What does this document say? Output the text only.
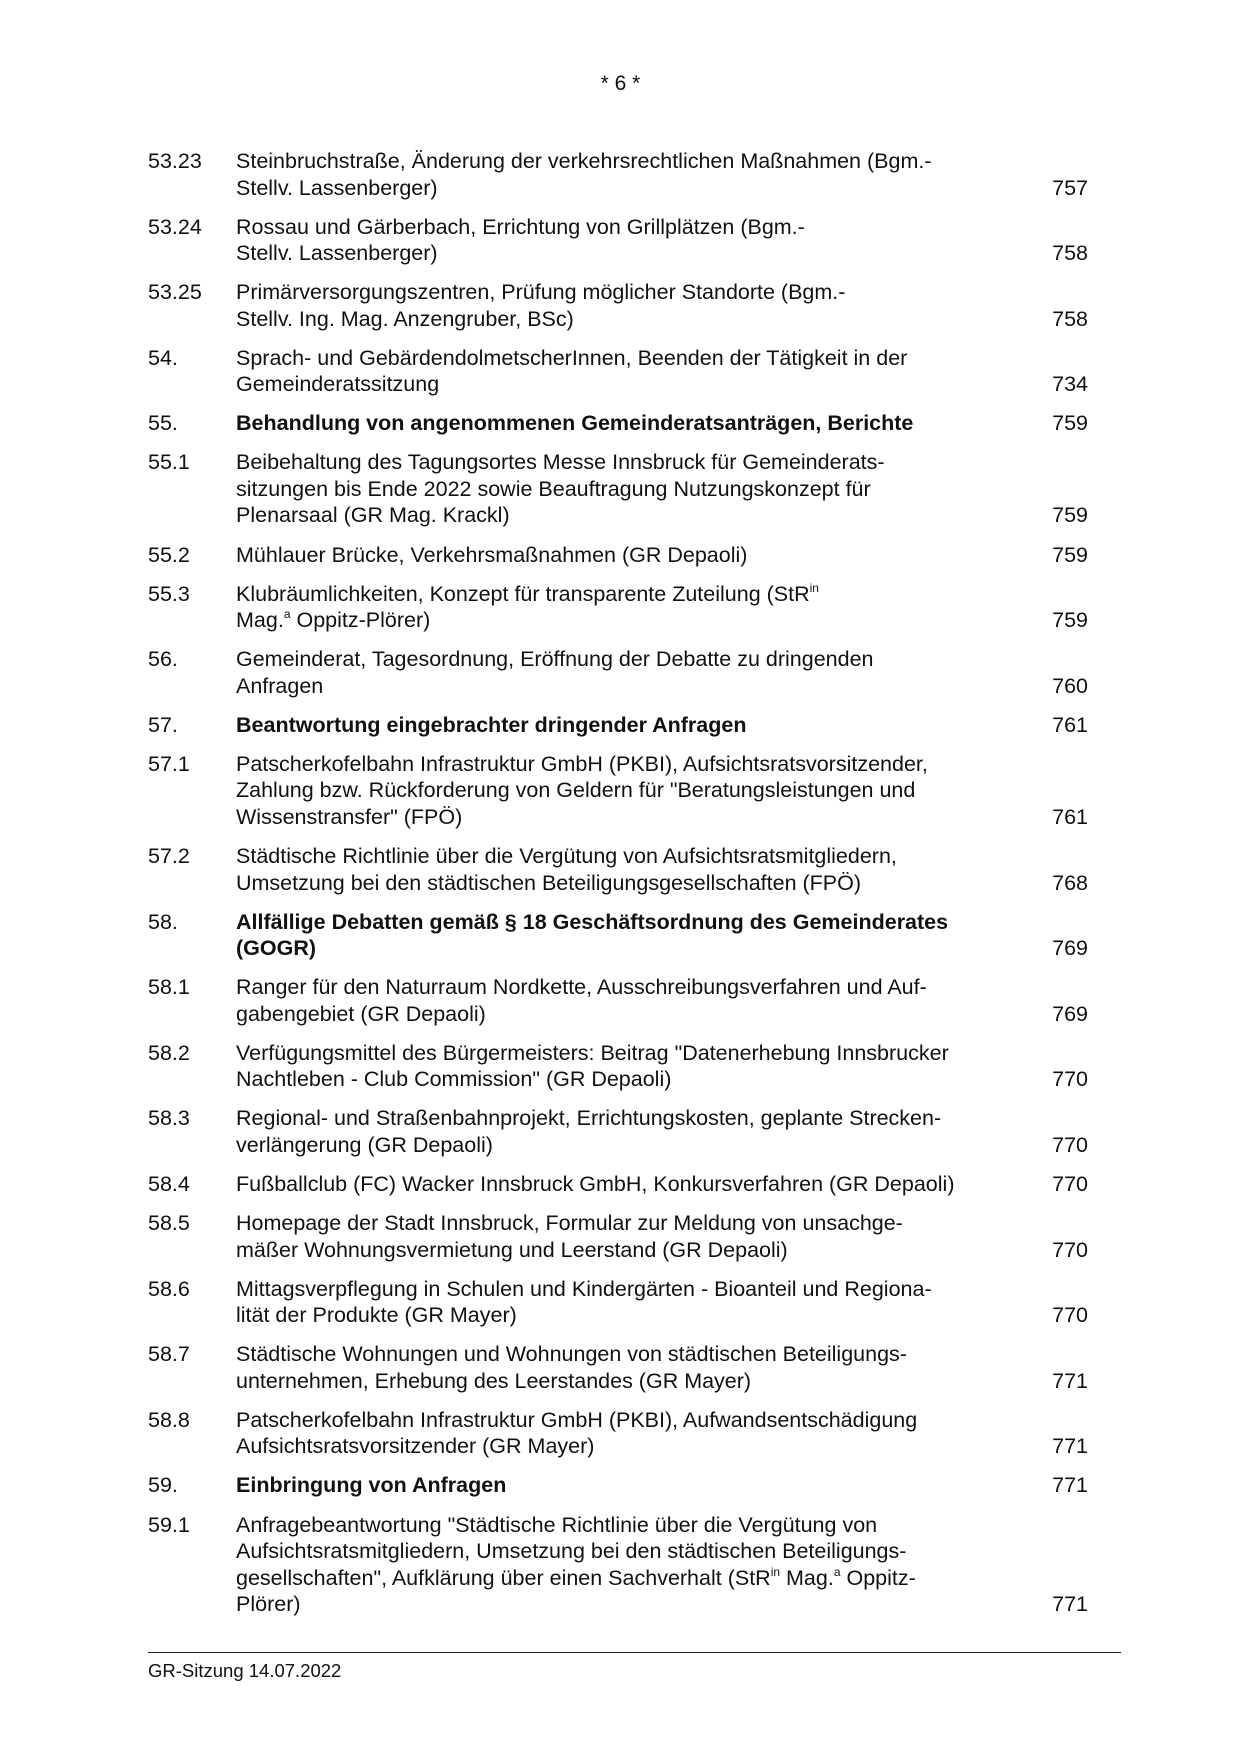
* 6 *
53.23	Steinbruchstraße, Änderung der verkehrsrechtlichen Maßnahmen (Bgm.-
Stellv. Lassenberger)	757
53.24	Rossau und Gärberbach, Errichtung von Grillplätzen (Bgm.-
Stellv. Lassenberger)	758
53.25	Primärversorgungszentren, Prüfung möglicher Standorte (Bgm.-
Stellv. Ing. Mag. Anzengruber, BSc)	758
54.	Sprach- und GebärdendolmetscherInnen, Beenden der Tätigkeit in der
Gemeinderatssitzung	734
55.	Behandlung von angenommenen Gemeinderatsanträgen, Berichte	759
55.1	Beibehaltung des Tagungsortes Messe Innsbruck für Gemeinderats-
sitzungen bis Ende 2022 sowie Beauftragung Nutzungskonzept für
Plenarsaal (GR Mag. Krackl)	759
55.2	Mühlauer Brücke, Verkehrsmaßnahmen (GR Depaoli)	759
55.3	Klubräumlichkeiten, Konzept für transparente Zuteilung (StR$^{in}$
Mag.$^a$ Oppitz-Plörer)	759
56.	Gemeinderat, Tagesordnung, Eröffnung der Debatte zu dringenden
Anfragen	760
57.	Beantwortung eingebrachter dringender Anfragen	761
57.1	Patscherkofelbahn Infrastruktur GmbH (PKBI), Aufsichtsratsvorsitzender,
Zahlung bzw. Rückforderung von Geldern für "Beratungsleistungen und
Wissenstransfer" (FPÖ)	761
57.2	Städtische Richtlinie über die Vergütung von Aufsichtsratsmitgliedern,
Umsetzung bei den städtischen Beteiligungsgesellschaften (FPÖ)	768
58.	Allfällige Debatten gemäß § 18 Geschäftsordnung des Gemeinderates
(GOGR)	769
58.1	Ranger für den Naturraum Nordkette, Ausschreibungsverfahren und Auf-
gabengebiet (GR Depaoli)	769
58.2	Verfügungsmittel des Bürgermeisters: Beitrag "Datenerhebung Innsbrucker
Nachtleben - Club Commission" (GR Depaoli)	770
58.3	Regional- und Straßenbahnprojekt, Errichtungskosten, geplante Strecken-
verlängerung (GR Depaoli)	770
58.4	Fußballclub (FC) Wacker Innsbruck GmbH, Konkursverfahren (GR Depaoli)	770
58.5	Homepage der Stadt Innsbruck, Formular zur Meldung von unsachge-
mäßer Wohnungsvermietung und Leerstand (GR Depaoli)	770
58.6	Mittagsverpflegung in Schulen und Kindergärten - Bioanteil und Regiona-
lität der Produkte (GR Mayer)	770
58.7	Städtische Wohnungen und Wohnungen von städtischen Beteiligungs-
unternehmen, Erhebung des Leerstandes (GR Mayer)	771
58.8	Patscherkofelbahn Infrastruktur GmbH (PKBI), Aufwandsentschädigung
Aufsichtsratsvorsitzender (GR Mayer)	771
59.	Einbringung von Anfragen	771
59.1	Anfragebeantwortung "Städtische Richtlinie über die Vergütung von
Aufsichtsratsmitgliedern, Umsetzung bei den städtischen Beteiligungs-
gesellschaften", Aufklärung über einen Sachverhalt (StR$^{in}$ Mag.$^a$ Oppitz-
Plörer)	771
GR-Sitzung 14.07.2022
